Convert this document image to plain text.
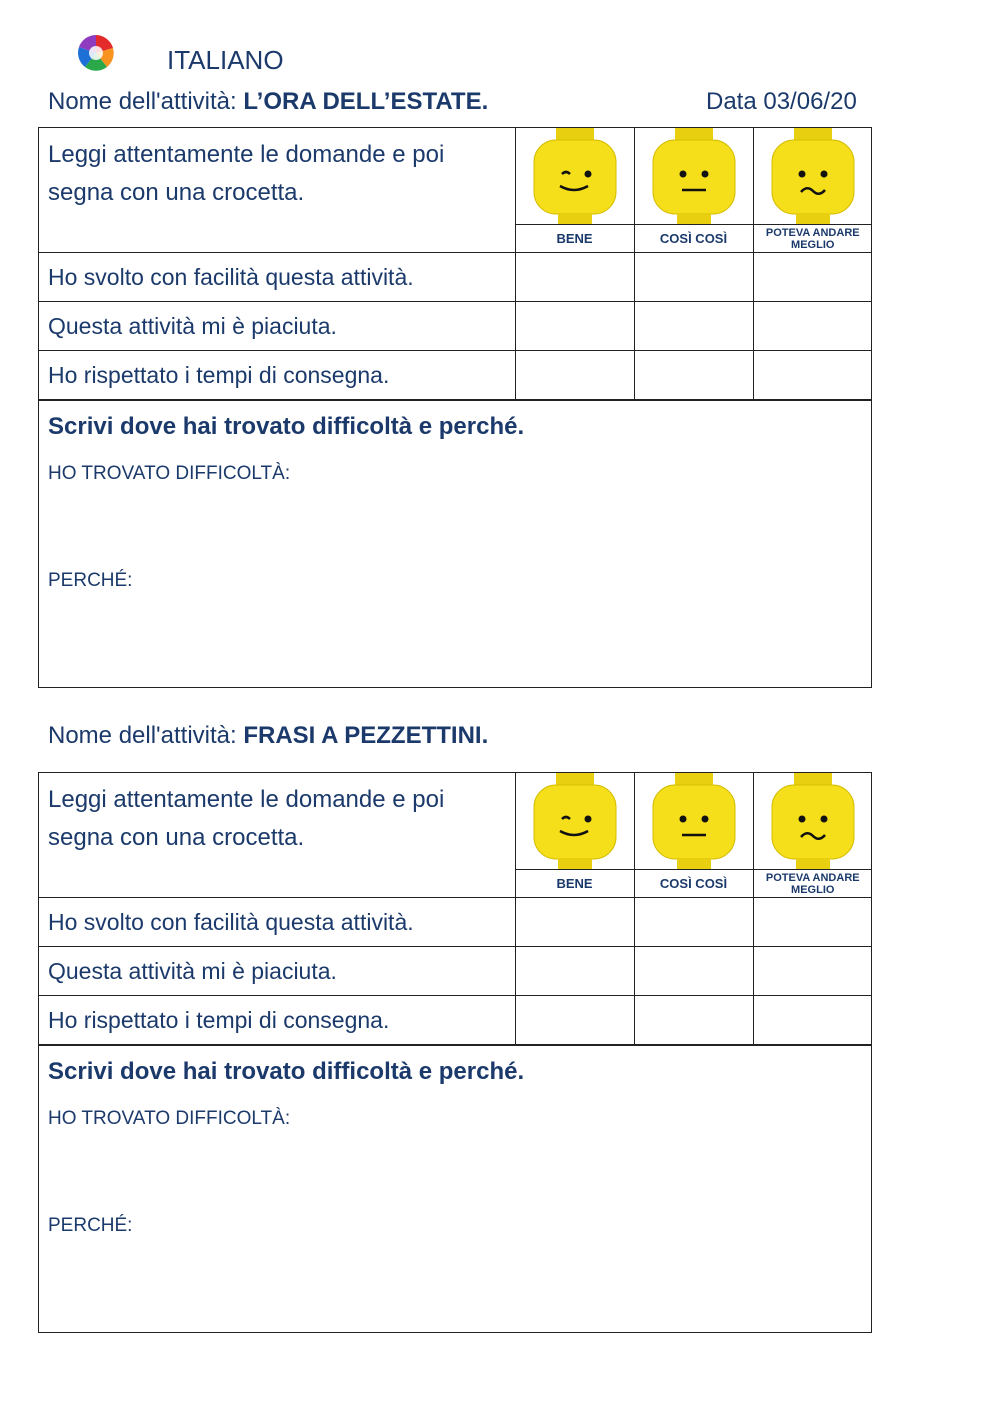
ITALIANO
Nome dell'attività: L’ORA DELL’ESTATE.	Data 03/06/20
Leggi attentamente le domande e poi segna con una crocetta.

	BENE	COSÌ COSÌ	POTEVA ANDARE MEGLIO
Ho svolto con facilità questa attività.			
Questa attività mi è piaciuta.			
Ho rispettato i tempi di consegna.			
Scrivi dove hai trovato difficoltà e perché.
HO TROVATO DIFFICOLTÀ:
PERCHÉ:
Nome dell'attività: FRASI A PEZZETTINI.
Leggi attentamente le domande e poi segna con una crocetta.

	BENE	COSÌ COSÌ	POTEVA ANDARE MEGLIO
Ho svolto con facilità questa attività.			
Questa attività mi è piaciuta.			
Ho rispettato i tempi di consegna.			
Scrivi dove hai trovato difficoltà e perché.
HO TROVATO DIFFICOLTÀ:
PERCHÉ:
